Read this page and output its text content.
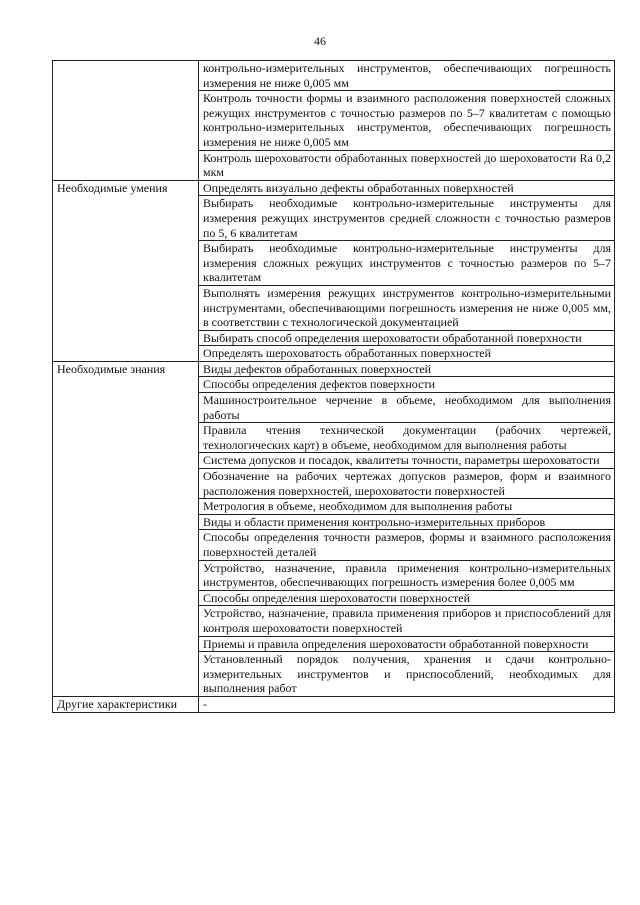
46
	контрольно-измерительных инструментов, обеспечивающих погрешность измерения не ниже 0,005 мм
	Контроль точности формы и взаимного расположения поверхностей сложных режущих инструментов с точностью размеров по 5–7 квалитетам с помощью контрольно-измерительных инструментов, обеспечивающих погрешность измерения не ниже 0,005 мм
	Контроль шероховатости обработанных поверхностей до шероховатости Ra 0,2 мкм
Необходимые умения	Определять визуально дефекты обработанных поверхностей
	Выбирать необходимые контрольно-измерительные инструменты для измерения режущих инструментов средней сложности с точностью размеров по 5, 6 квалитетам
	Выбирать необходимые контрольно-измерительные инструменты для измерения сложных режущих инструментов с точностью размеров по 5–7 квалитетам
	Выполнять измерения режущих инструментов контрольно-измерительными инструментами, обеспечивающими погрешность измерения не ниже 0,005 мм, в соответствии с технологической документацией
	Выбирать способ определения шероховатости обработанной поверхности
	Определять шероховатость обработанных поверхностей
Необходимые знания	Виды дефектов обработанных поверхностей
	Способы определения дефектов поверхности
	Машиностроительное черчение в объеме, необходимом для выполнения работы
	Правила чтения технической документации (рабочих чертежей, технологических карт) в объеме, необходимом для выполнения работы
	Система допусков и посадок, квалитеты точности, параметры шероховатости
	Обозначение на рабочих чертежах допусков размеров, форм и взаимного расположения поверхностей, шероховатости поверхностей
	Метрология в объеме, необходимом для выполнения работы
	Виды и области применения контрольно-измерительных приборов
	Способы определения точности размеров, формы и взаимного расположения поверхностей деталей
	Устройство, назначение, правила применения контрольно-измерительных инструментов, обеспечивающих погрешность измерения более 0,005 мм
	Способы определения шероховатости поверхностей
	Устройство, назначение, правила применения приборов и приспособлений для контроля шероховатости поверхностей
	Приемы и правила определения шероховатости обработанной поверхности
	Установленный порядок получения, хранения и сдачи контрольно-измерительных инструментов и приспособлений, необходимых для выполнения работ
Другие характеристики	-
